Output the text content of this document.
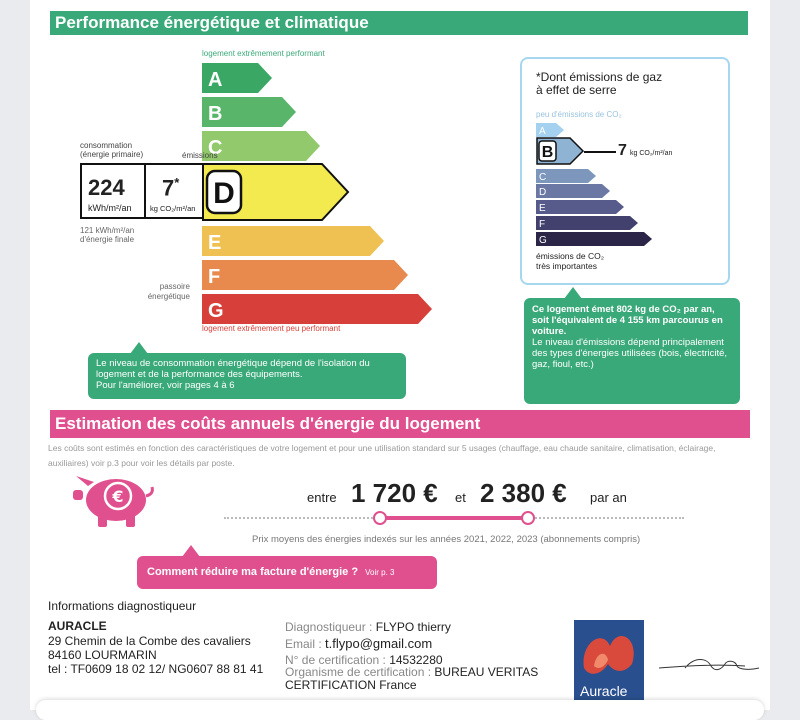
Performance énergétique et climatique
logement extrêmement performant
A
B
C
E
F
G
logement extrêmement peu performant
consommation
(énergie primaire)	émissions
224
kWh/m²/an
7*
kg CO₂/m²/an D
121 kWh/m²/an
d'énergie finale
passoire
énergétique
Le niveau de consommation énergétique dépend de l'isolation du logement et de la performance des équipements.
Pour l'améliorer, voir pages 4 à 6
*Dont émissions de gaz
à effet de serre
peu d'émissions de CO₂
A
C
D
E
F
G
B	7 kg CO₂/m²/an
émissions de CO₂
très importantes
Ce logement émet 802 kg de CO₂ par an, soit l'équivalent de 4 155 km parcourus en voiture.
Le niveau d'émissions dépend principalement des types d'énergies utilisées (bois, électricité, gaz, fioul, etc.)
Estimation des coûts annuels d'énergie du logement
Les coûts sont estimés en fonction des caractéristiques de votre logement et pour une utilisation standard sur 5 usages (chauffage, eau chaude sanitaire, climatisation, éclairage, auxiliaires) voir p.3 pour voir les détails par poste.
€	entre 1 720 € et 2 380 € par an
Prix moyens des énergies indexés sur les années 2021, 2022, 2023 (abonnements compris)
Comment réduire ma facture d'énergie ? Voir p. 3
Informations diagnostiqueur
AURACLE
29 Chemin de la Combe des cavaliers
84160 LOURMARIN
tel : TF0609 18 02 12/ NG0607 88 81 41
Diagnostiqueur : FLYPO thierry
Email : t.flypo@gmail.com
N° de certification : 14532280
Organisme de certification : BUREAU VERITAS CERTIFICATION France	Auracle
